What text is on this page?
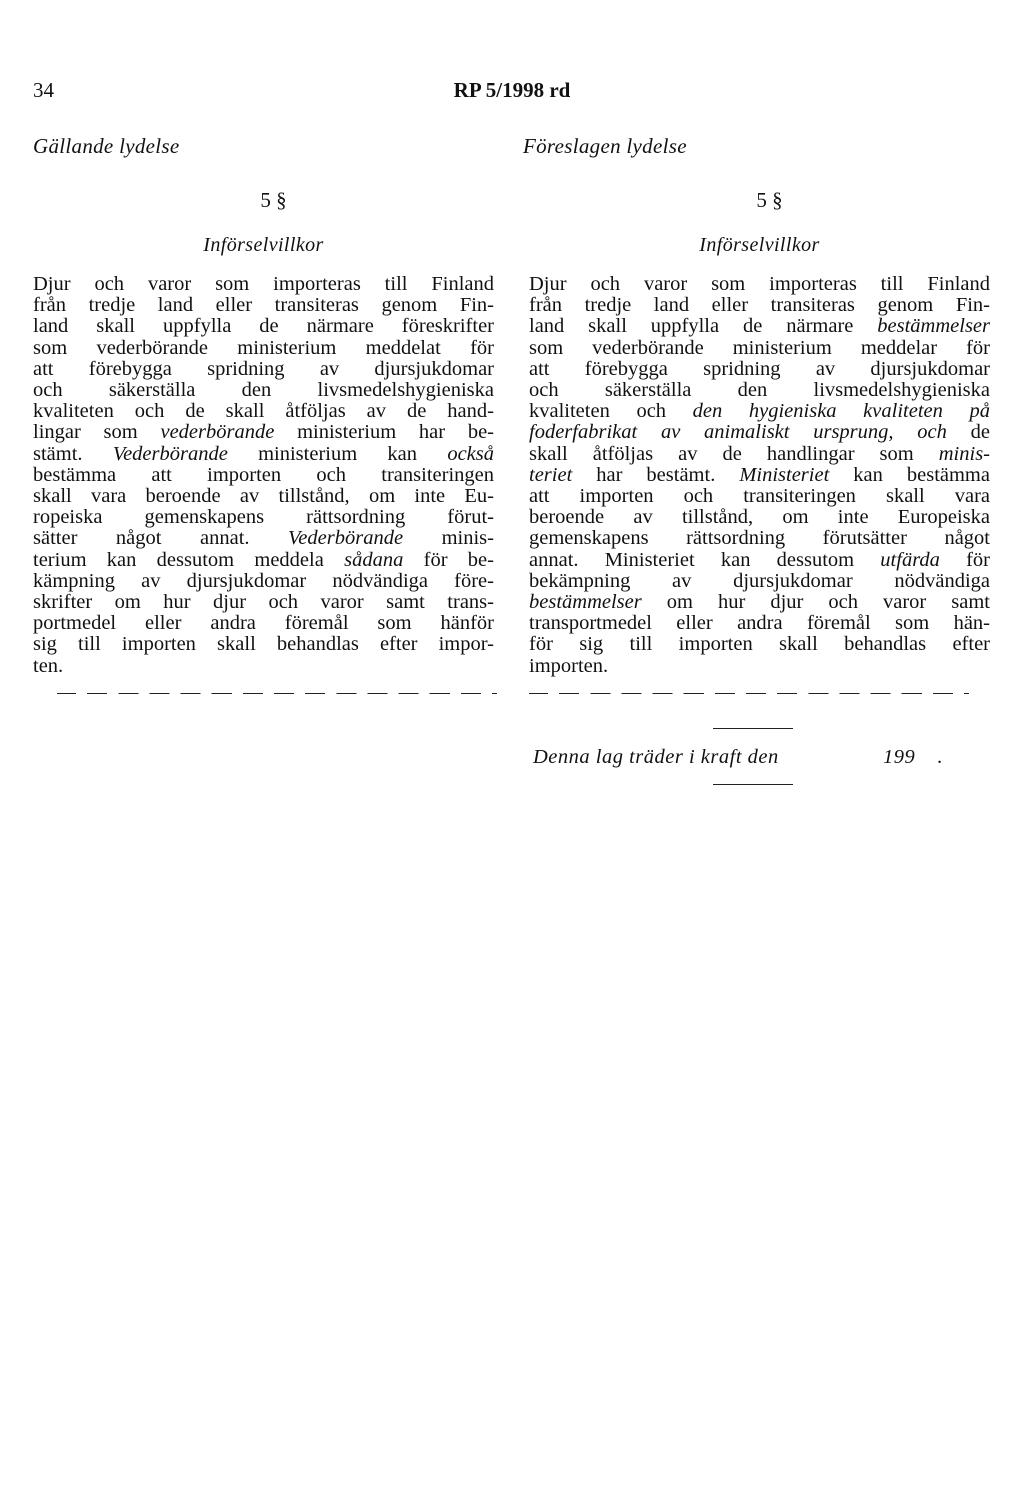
34	RP 5/1998 rd
Gällande lydelse	Föreslagen lydelse
5 §
Införselvillkor
Djur och varor som importeras till Finland
från tredje land eller transiteras genom Fin-
land skall uppfylla de närmare föreskrifter
som vederbörande ministerium meddelat för
att förebygga spridning av djursjukdomar
och säkerställa den livsmedelshygieniska
kvaliteten och de skall åtföljas av de hand-
lingar som vederbörande ministerium har be-
stämt. Vederbörande ministerium kan också
bestämma att importen och transiteringen
skall vara beroende av tillstånd, om inte Eu-
ropeiska gemenskapens rättsordning förut-
sätter något annat. Vederbörande minis-
terium kan dessutom meddela sådana för be-
kämpning av djursjukdomar nödvändiga före-
skrifter om hur djur och varor samt trans-
portmedel eller andra föremål som hänför
sig till importen skall behandlas efter impor-
ten.
5 §
Införselvillkor
Djur och varor som importeras till Finland
från tredje land eller transiteras genom Fin-
land skall uppfylla de närmare bestämmelser
som vederbörande ministerium meddelar för
att förebygga spridning av djursjukdomar
och säkerställa den livsmedelshygieniska
kvaliteten och den hygieniska kvaliteten på
foderfabrikat av animaliskt ursprung, och de
skall åtföljas av de handlingar som minis-
teriet har bestämt. Ministeriet kan bestämma
att importen och transiteringen skall vara
beroende av tillstånd, om inte Europeiska
gemenskapens rättsordning förutsätter något
annat. Ministeriet kan dessutom utfärda för
bekämpning av djursjukdomar nödvändiga
bestämmelser om hur djur och varor samt
transportmedel eller andra föremål som hän-
för sig till importen skall behandlas efter
importen.
Denna lag träder i kraft den	199 .
